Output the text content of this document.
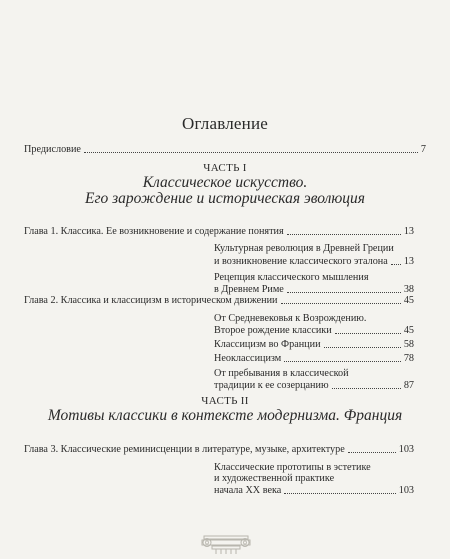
Оглавление
Предисловие	7
ЧАСТЬ I
Классическое искусство.
Его зарождение и историческая эволюция
Глава 1. Классика. Ее возникновение и содержание понятия	13
Культурная революция в Древней Греции
и возникновение классического эталона 13
Рецепция классического мышления
в Древнем Риме	38
Глава 2. Классика и классицизм в историческом движении	45
От Средневековья к Возрождению.
Второе рождение классики	45
Классицизм во Франции	58
Неоклассицизм	78
От пребывания в классической
традиции к ее созерцанию	87
ЧАСТЬ II
Мотивы классики в контексте модернизма. Франция
Глава 3. Классические реминисценции в литературе, музыке, архитектуре	103
Классические прототипы в эстетике
и художественной практике
начала XX века	103
